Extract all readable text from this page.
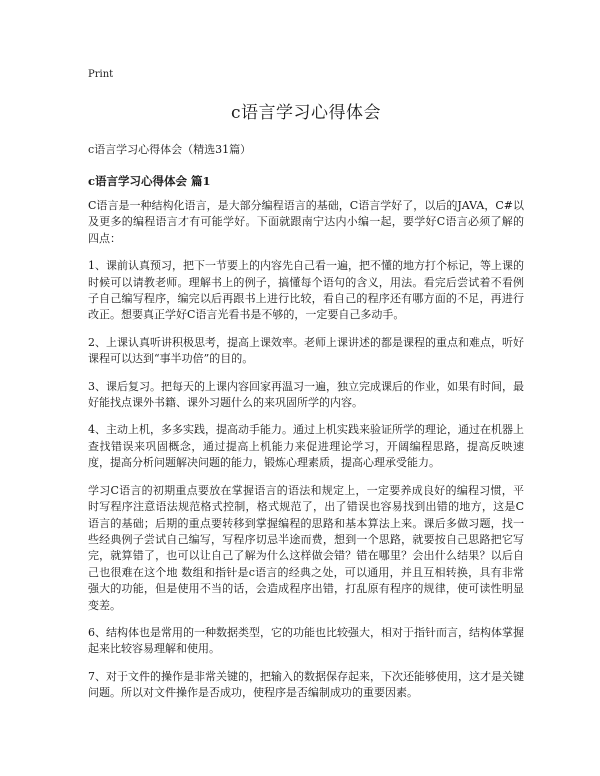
Print
c语言学习心得体会
c语言学习心得体会（精选31篇）
c语言学习心得体会 篇1

C语言是一种结构化语言，是大部分编程语言的基础，C语言学好了，以后的JAVA，C#以及更多的编程语言才有可能学好。下面就跟南宁达内小编一起，要学好C语言必须了解的四点：

1、课前认真预习，把下一节要上的内容先自己看一遍，把不懂的地方打个标记，等上课的时候可以请教老师。理解书上的例子，搞懂每个语句的含义，用法。看完后尝试着不看例子自己编写程序，编完以后再跟书上进行比较，看自己的程序还有哪方面的不足，再进行改正。想要真正学好C语言光看书是不够的，一定要自己多动手。

2、上课认真听讲积极思考，提高上课效率。老师上课讲述的都是课程的重点和难点，听好课程可以达到“事半功倍”的目的。

3、课后复习。把每天的上课内容回家再温习一遍，独立完成课后的作业，如果有时间，最好能找点课外书籍、课外习题什么的来巩固所学的内容。

4、主动上机，多多实践，提高动手能力。通过上机实践来验证所学的理论，通过在机器上查找错误来巩固概念，通过提高上机能力来促进理论学习，开阔编程思路，提高反映速度，提高分析问题解决问题的能力，锻炼心理素质，提高心理承受能力。

学习C语言的初期重点要放在掌握语言的语法和规定上，一定要养成良好的编程习惯，平时写程序注意语法规范格式控制，格式规范了，出了错误也容易找到出错的地方，这是C语言的基础；后期的重点要转移到掌握编程的思路和基本算法上来。课后多做习题，找一些经典例子尝试自己编写，写程序切忌半途而费，想到一个思路，就要按自己思路把它写完，就算错了，也可以让自己了解为什么这样做会错？错在哪里？会出什么结果？以后自己也很难在这个地 数组和指针是c语言的经典之处，可以通用，并且互相转换，具有非常强大的功能，但是使用不当的话，会造成程序出错，打乱原有程序的规律，使可读性明显变差。

6、结构体也是常用的一种数据类型，它的功能也比较强大，相对于指针而言，结构体掌握起来比较容易理解和使用。

7、对于文件的操作是非常关键的，把输入的数据保存起来，下次还能够使用，这才是关键问题。所以对文件操作是否成功，使程序是否编制成功的重要因素。
